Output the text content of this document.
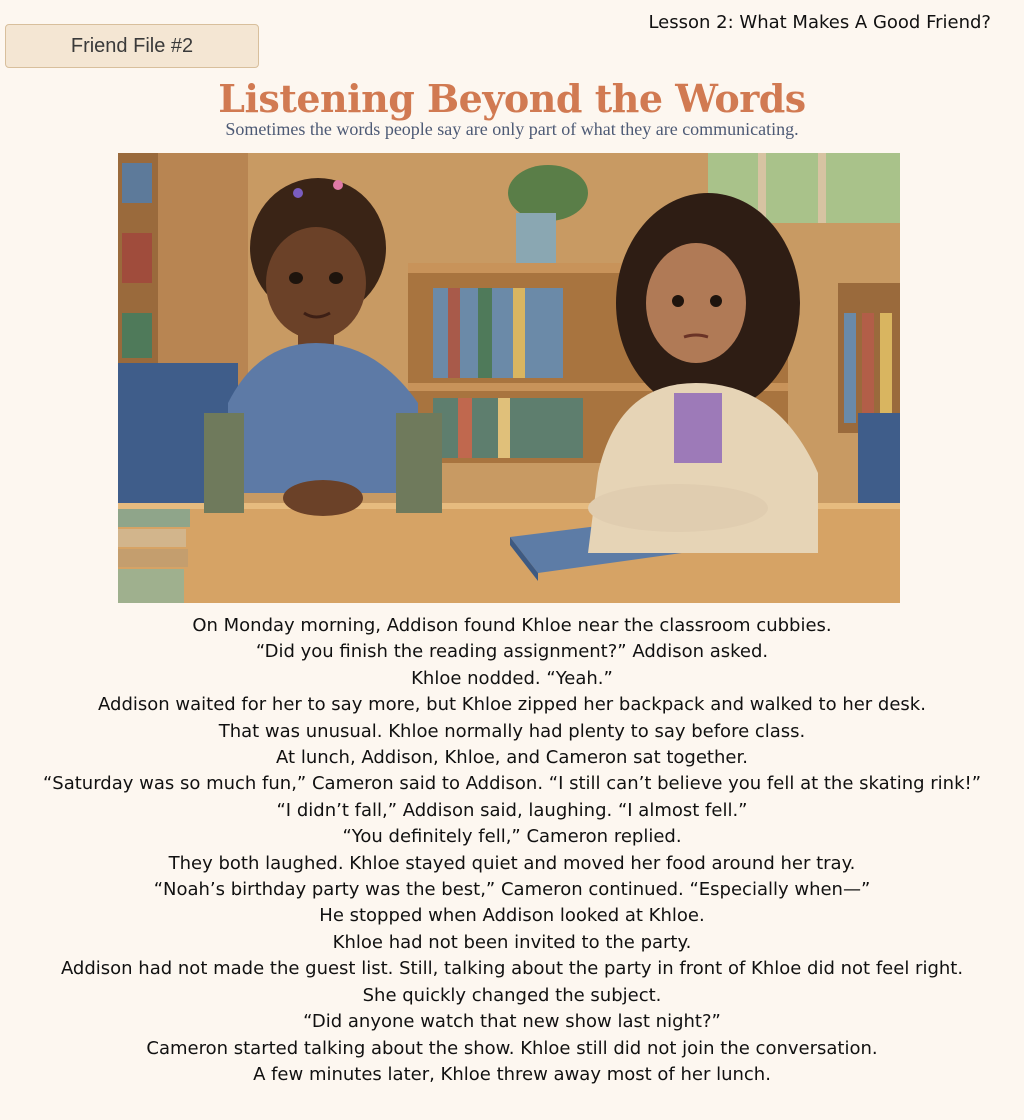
Friend File #2
Lesson 2: What Makes A Good Friend?
Listening Beyond the Words
Sometimes the words people say are only part of what they are communicating.

On Monday morning, Addison found Khloe near the classroom cubbies.

“Did you finish the reading assignment?” Addison asked.

Khloe nodded. “Yeah.”

Addison waited for her to say more, but Khloe zipped her backpack and walked to her desk.

That was unusual. Khloe normally had plenty to say before class.

At lunch, Addison, Khloe, and Cameron sat together.

“Saturday was so much fun,” Cameron said to Addison. “I still can’t believe you fell at the skating rink!”

“I didn’t fall,” Addison said, laughing. “I almost fell.”

“You definitely fell,” Cameron replied.

They both laughed. Khloe stayed quiet and moved her food around her tray.

“Noah’s birthday party was the best,” Cameron continued. “Especially when—”

He stopped when Addison looked at Khloe.

Khloe had not been invited to the party.

Addison had not made the guest list. Still, talking about the party in front of Khloe did not feel right.

She quickly changed the subject.

“Did anyone watch that new show last night?”

Cameron started talking about the show. Khloe still did not join the conversation.

A few minutes later, Khloe threw away most of her lunch.
